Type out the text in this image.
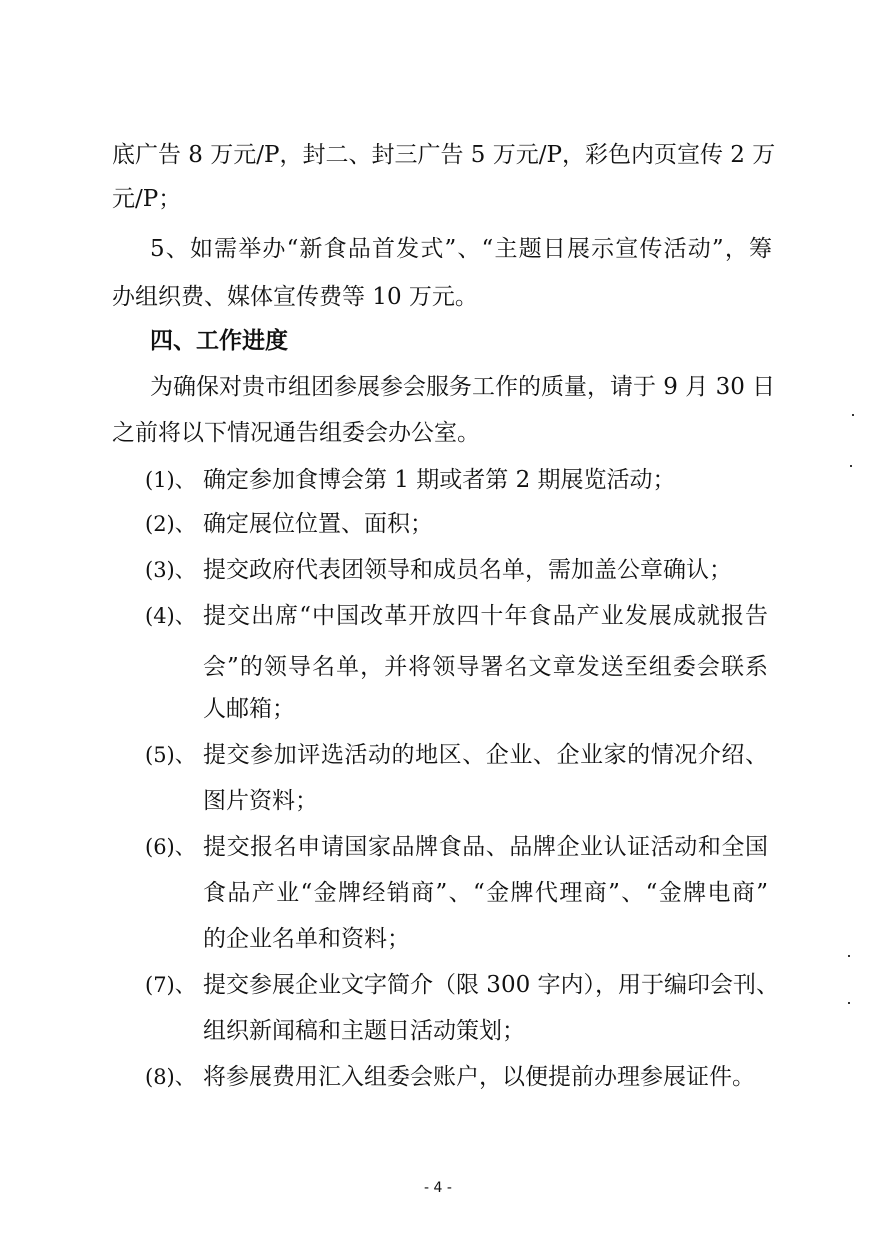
底广告 8 万元/P，封二、封三广告 5 万元/P，彩色内页宣传 2 万
元/P；
5、如需举办“新食品首发式”、“主题日展示宣传活动”，筹
办组织费、媒体宣传费等 10 万元。
四、工作进度
为确保对贵市组团参展参会服务工作的质量，请于 9 月 30 日
之前将以下情况通告组委会办公室。
(1)、 确定参加食博会第 1 期或者第 2 期展览活动；
(2)、 确定展位位置、面积；
(3)、 提交政府代表团领导和成员名单，需加盖公章确认；
(4)、 提交出席“中国改革开放四十年食品产业发展成就报告
会”的领导名单，并将领导署名文章发送至组委会联系
人邮箱；
(5)、 提交参加评选活动的地区、企业、企业家的情况介绍、
图片资料；
(6)、 提交报名申请国家品牌食品、品牌企业认证活动和全国
食品产业“金牌经销商”、“金牌代理商”、“金牌电商”
的企业名单和资料；
(7)、 提交参展企业文字简介（限 300 字内），用于编印会刊、
组织新闻稿和主题日活动策划；
(8)、 将参展费用汇入组委会账户，以便提前办理参展证件。
- 4 -
